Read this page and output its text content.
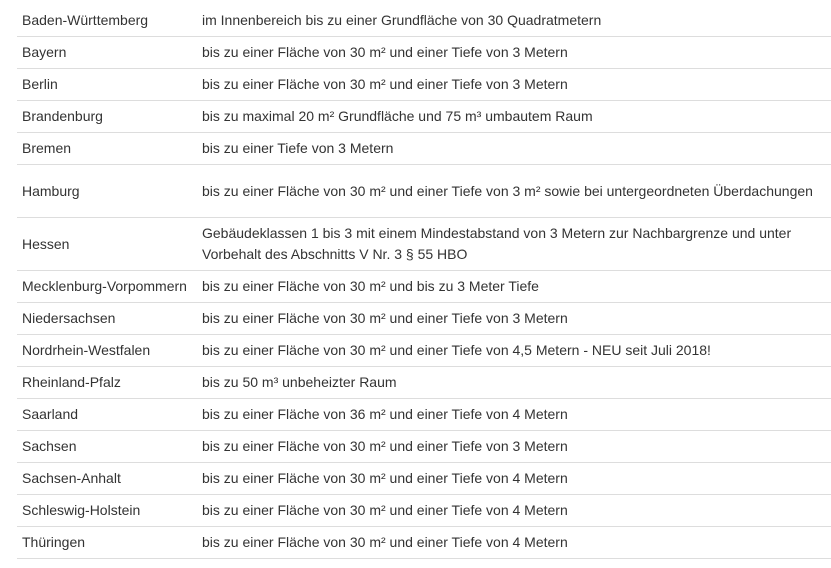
Baden-Württemberg	im Innenbereich bis zu einer Grundfläche von 30 Quadratmetern
Bayern	bis zu einer Fläche von 30 m² und einer Tiefe von 3 Metern
Berlin	bis zu einer Fläche von 30 m² und einer Tiefe von 3 Metern
Brandenburg	bis zu maximal 20 m² Grundfläche und 75 m³ umbautem Raum
Bremen	bis zu einer Tiefe von 3 Metern
Hamburg	bis zu einer Fläche von 30 m² und einer Tiefe von 3 m² sowie bei untergeordneten Überdachungen
Hessen	Gebäudeklassen 1 bis 3 mit einem Mindestabstand von 3 Metern zur Nachbargrenze und unter Vorbehalt des Abschnitts V Nr. 3 § 55 HBO
Mecklenburg-Vorpommern	bis zu einer Fläche von 30 m² und bis zu 3 Meter Tiefe
Niedersachsen	bis zu einer Fläche von 30 m² und einer Tiefe von 3 Metern
Nordrhein-Westfalen	bis zu einer Fläche von 30 m² und einer Tiefe von 4,5 Metern - NEU seit Juli 2018!
Rheinland-Pfalz	bis zu 50 m³ unbeheizter Raum
Saarland	bis zu einer Fläche von 36 m² und einer Tiefe von 4 Metern
Sachsen	bis zu einer Fläche von 30 m² und einer Tiefe von 3 Metern
Sachsen-Anhalt	bis zu einer Fläche von 30 m² und einer Tiefe von 4 Metern
Schleswig-Holstein	bis zu einer Fläche von 30 m² und einer Tiefe von 4 Metern
Thüringen	bis zu einer Fläche von 30 m² und einer Tiefe von 4 Metern
